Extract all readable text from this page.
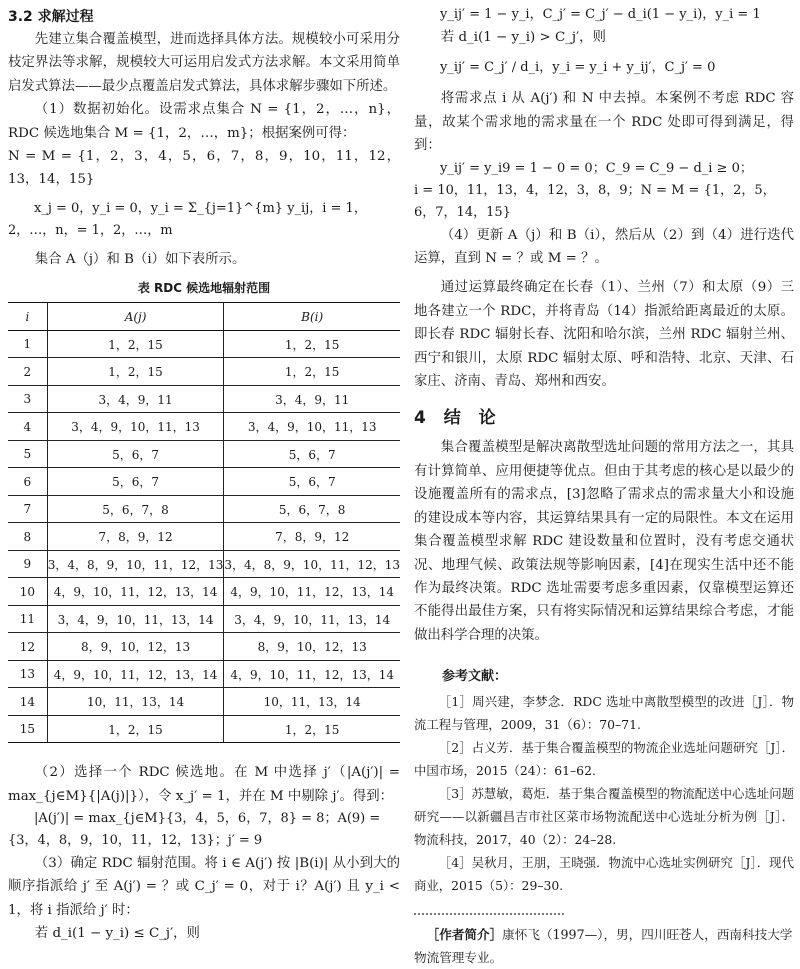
3.2 求解过程

先建立集合覆盖模型，进而选择具体方法。规模较小可采用分枝定界法等求解，规模较大可运用启发式方法求解。本文采用简单启发式算法——最少点覆盖启发式算法，具体求解步骤如下所述。

（1）数据初始化。设需求点集合 N = {1，2，…，n}，RDC 候选地集合 M = {1，2，…，m}；根据案例可得：

N = M = {1，2，3，4，5，6，7，8，9，10，11，12，13，14，15}

x_j = 0，y_i = 0，y_i = Σ_{j=1}^{m} y_ij，i = 1，2，…，n，= 1，2，…，m

集合 A（j）和 B（i）如下表所示。

表 RDC 候选地辐射范围
i	A(j)	B(i)
1	1，2，15	1，2，15
2	1，2，15	1，2，15
3	3，4，9，11	3，4，9，11
4	3，4，9，10，11，13	3，4，9，10，11，13
5	5，6，7	5，6，7
6	5，6，7	5，6，7
7	5，6，7，8	5，6，7，8
8	7，8，9，12	7，8，9，12
9	3，4，8，9，10，11，12，13	3，4，8，9，10，11，12，13
10	4，9，10，11，12，13，14	4，9，10，11，12，13，14
11	3，4，9，10，11，13，14	3，4，9，10，11，13，14
12	8，9，10，12，13	8，9，10，12，13
13	4，9，10，11，12，13，14	4，9，10，11，12，13，14
14	10，11，13，14	10，11，13，14
15	1，2，15	1，2，15

（2）选择一个 RDC 候选地。在 M 中选择 j′（|A(j′)| = max_{j∈M}{|A(j)|}），令 x_j′ = 1，并在 M 中剔除 j′。得到：

|A(j′)| = max_{j∈M}{3，4，5，6，7，8} = 8；A(9) = {3，4，8，9，10，11，12，13}；j′ = 9

（3）确定 RDC 辐射范围。将 i ∈ A(j′) 按 |B(i)| 从小到大的顺序指派给 j′ 至 A(j′) = ？或 C_j′ = 0，对于 i？A(j′) 且 y_i < 1，将 i 指派给 j′ 时：

若 d_i(1 − y_i) ≤ C_j′，则

y_ij′ = 1 − y_i，C_j′ = C_j′ − d_i(1 − y_i)，y_i = 1

若 d_i(1 − y_i) > C_j′，则

y_ij′ = C_j′ / d_i，y_i = y_i + y_ij′，C_j′ = 0

将需求点 i 从 A(j′) 和 N 中去掉。本案例不考虑 RDC 容量，故某个需求地的需求量在一个 RDC 处即可得到满足，得到：

y_ij′ = y_i9 = 1 − 0 = 0；C_9 = C_9 − d_i ≥ 0；

i = 10，11，13，4，12，3，8，9；N = M = {1，2，5，6，7，14，15}

（4）更新 A（j）和 B（i），然后从（2）到（4）进行迭代运算，直到 N = ？或 M = ？。

通过运算最终确定在长春（1）、兰州（7）和太原（9）三地各建立一个 RDC，并将青岛（14）指派给距离最近的太原。即长春 RDC 辐射长春、沈阳和哈尔滨，兰州 RDC 辐射兰州、西宁和银川，太原 RDC 辐射太原、呼和浩特、北京、天津、石家庄、济南、青岛、郑州和西安。

4 结 论

集合覆盖模型是解决离散型选址问题的常用方法之一，其具有计算简单、应用便捷等优点。但由于其考虑的核心是以最少的设施覆盖所有的需求点，[3]忽略了需求点的需求量大小和设施的建设成本等内容，其运算结果具有一定的局限性。本文在运用集合覆盖模型求解 RDC 建设数量和位置时，没有考虑交通状况、地理气候、政策法规等影响因素，[4]在现实生活中还不能作为最终决策。RDC 选址需要考虑多重因素，仅靠模型运算还不能得出最佳方案，只有将实际情况和运算结果综合考虑，才能做出科学合理的决策。

参考文献：

［1］周兴建，李梦念．RDC 选址中离散型模型的改进［J］．物流工程与管理，2009，31（6）：70–71.

［2］占义芳．基于集合覆盖模型的物流企业选址问题研究［J］．中国市场，2015（24）：61–62.

［3］苏慧敏，葛炬．基于集合覆盖模型的物流配送中心选址问题研究——以新疆昌吉市社区菜市场物流配送中心选址分析为例［J］．物流科技，2017，40（2）：24–28.

［4］吴秋月，王朋，王晓强．物流中心选址实例研究［J］．现代商业，2015（5）：29–30.

［作者简介］康怀飞（1997—），男，四川旺苍人，西南科技大学物流管理专业。
